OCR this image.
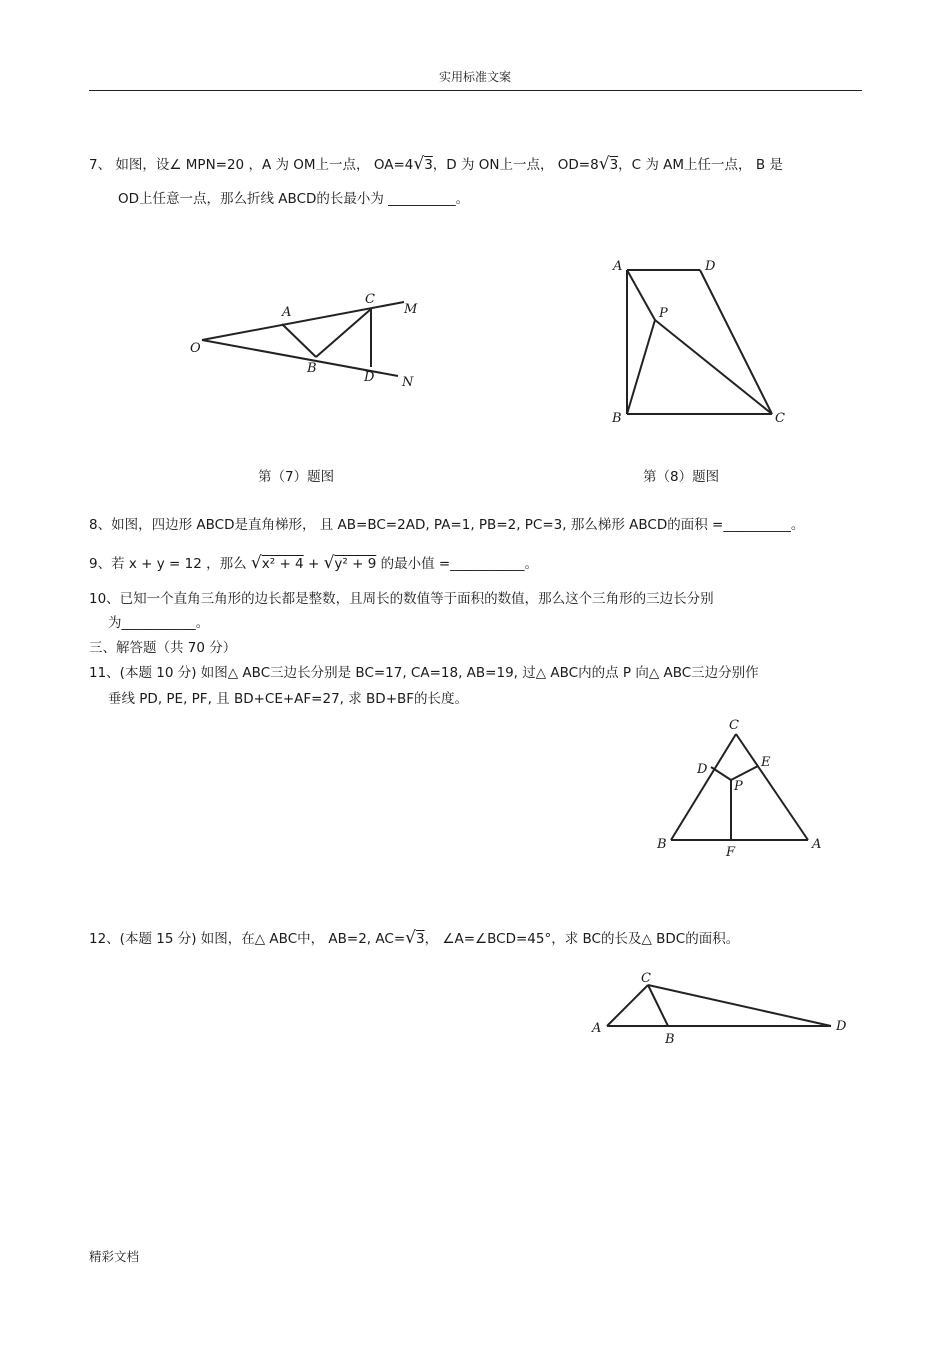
实用标准文案
7、 如图，设∠ MPN=20 ，A 为 OM上一点， OA=4√3，D 为 ON上一点， OD=8√3，C 为 AM上任一点， B 是
OD上任意一点，那么折线 ABCD的长最小为 __________。
O
A
B
C
D
M
N
A	D
P
B	C
第（7）题图	第（8）题图
8、如图，四边形 ABCD是直角梯形， 且 AB=BC=2AD, PA=1, PB=2, PC=3, 那么梯形 ABCD的面积 =__________。
9、若 x + y = 12 ，那么 √x² + 4 + √y² + 9 的最小值 =___________。
10、已知一个直角三角形的边长都是整数，且周长的数值等于面积的数值，那么这个三角形的三边长分别
为___________。
三、解答题（共 70 分）
11、(本题 10 分) 如图△ ABC三边长分别是 BC=17, CA=18, AB=19, 过△ ABC内的点 P 向△ ABC三边分别作
垂线 PD, PE, PF, 且 BD+CE+AF=27, 求 BD+BF的长度。
C
D	E
P
B
F
A
12、(本题 15 分) 如图，在△ ABC中， AB=2, AC=√3， ∠A=∠BCD=45°，求 BC的长及△ BDC的面积。
C
A
B
D
精彩文档
